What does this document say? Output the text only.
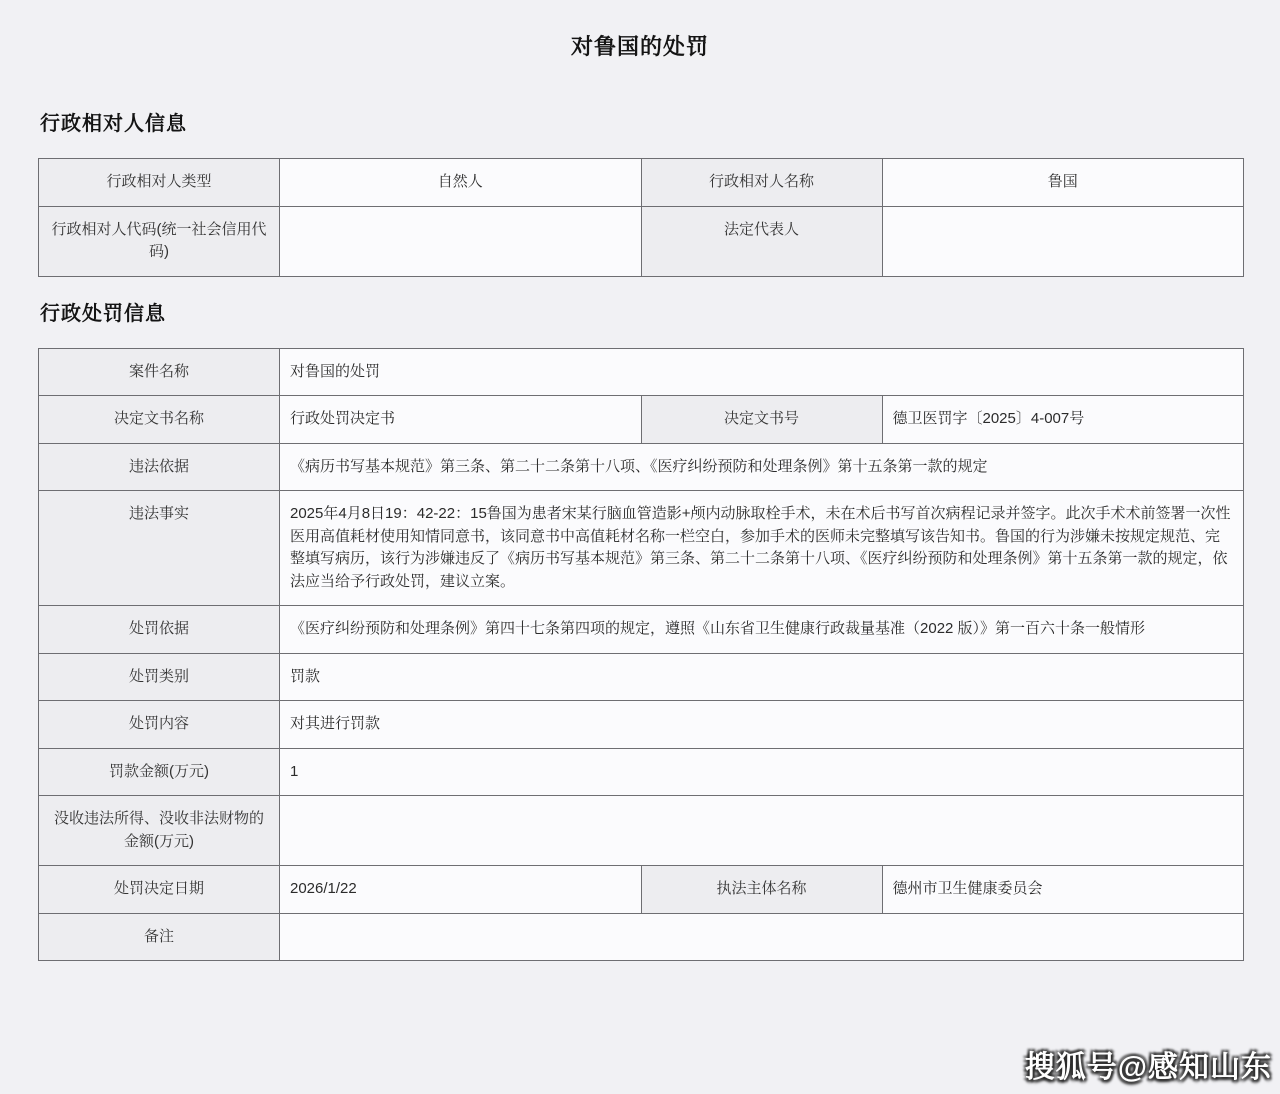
对鲁国的处罚
行政相对人信息
行政相对人类型	自然人	行政相对人名称	鲁国
行政相对人代码(统一社会信用代码)		法定代表人	
行政处罚信息
案件名称	对鲁国的处罚		
决定文书名称	行政处罚决定书	决定文书号	德卫医罚字〔2025〕4-007号
违法依据	《病历书写基本规范》第三条、第二十二条第十八项、《医疗纠纷预防和处理条例》第十五条第一款的规定		
违法事实	2025年4月8日19：42-22：15鲁国为患者宋某行脑血管造影+颅内动脉取栓手术，未在术后书写首次病程记录并签字。此次手术术前签署一次性医用高值耗材使用知情同意书，该同意书中高值耗材名称一栏空白，参加手术的医师未完整填写该告知书。鲁国的行为涉嫌未按规定规范、完整填写病历，该行为涉嫌违反了《病历书写基本规范》第三条、第二十二条第十八项、《医疗纠纷预防和处理条例》第十五条第一款的规定，依法应当给予行政处罚，建议立案。		
处罚依据	《医疗纠纷预防和处理条例》第四十七条第四项的规定，遵照《山东省卫生健康行政裁量基准（2022 版）》第一百六十条一般情形		
处罚类别	罚款		
处罚内容	对其进行罚款		
罚款金额(万元)	1		
没收违法所得、没收非法财物的金额(万元)			
处罚决定日期	2026/1/22	执法主体名称	德州市卫生健康委员会
备注			
搜狐号@感知山东
